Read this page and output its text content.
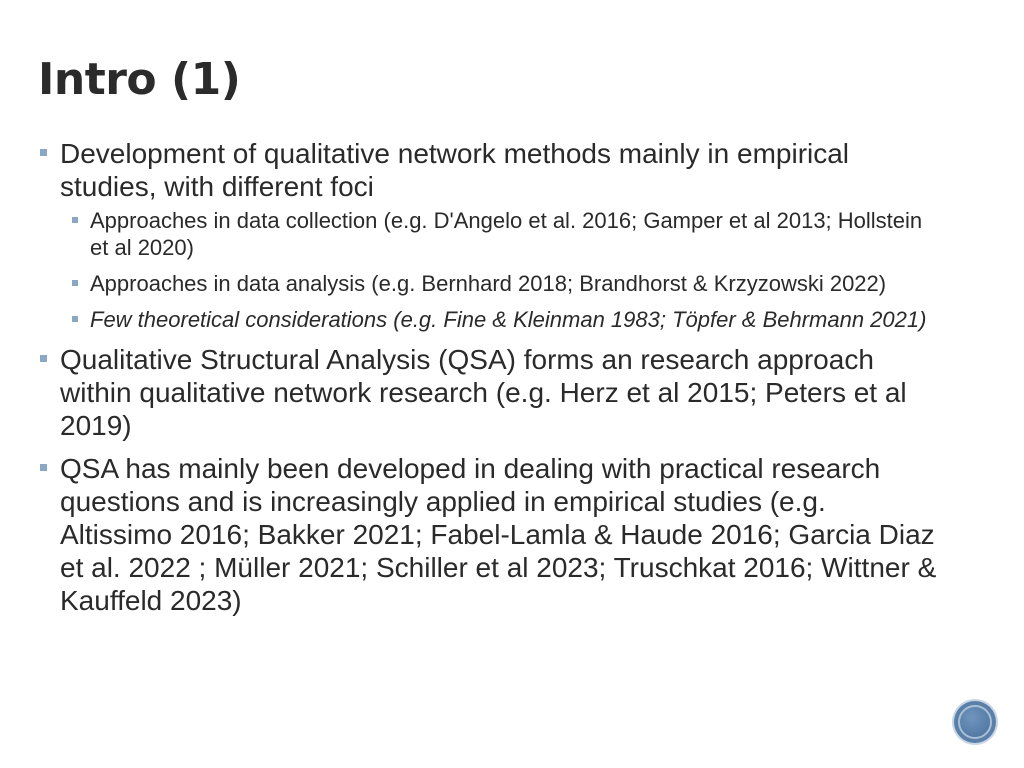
Intro (1)
Development of qualitative network methods mainly in empirical studies, with different foci
Approaches in data collection (e.g. D'Angelo et al. 2016; Gamper et al 2013; Hollstein et al 2020)
Approaches in data analysis (e.g. Bernhard 2018; Brandhorst & Krzyzowski 2022)
Few theoretical considerations (e.g. Fine & Kleinman 1983; Töpfer & Behrmann 2021)
Qualitative Structural Analysis (QSA) forms an research approach within qualitative network research (e.g. Herz et al 2015; Peters et al 2019)
QSA has mainly been developed in dealing with practical research questions and is increasingly applied in empirical studies (e.g. Altissimo 2016; Bakker 2021; Fabel-Lamla & Haude 2016; Garcia Diaz et al. 2022 ; Müller 2021; Schiller et al 2023; Truschkat 2016; Wittner & Kauffeld 2023)
